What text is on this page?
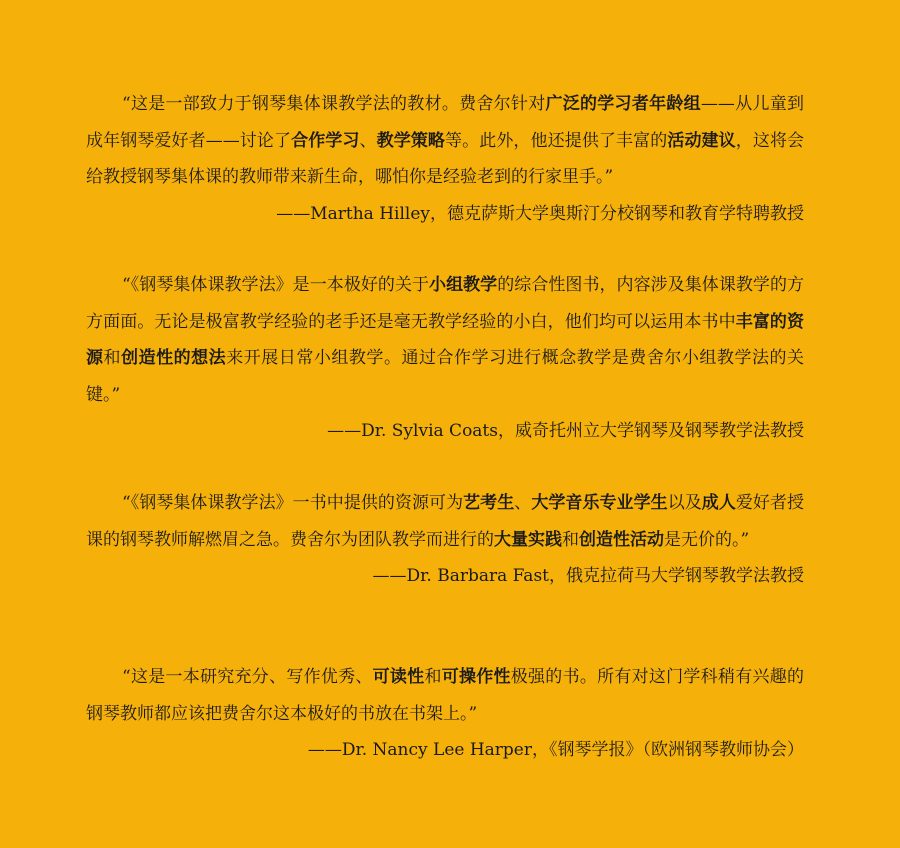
“这是一部致力于钢琴集体课教学法的教材。费舍尔针对广泛的学习者年龄组——从儿童到成年钢琴爱好者——讨论了合作学习、教学策略等。此外，他还提供了丰富的活动建议，这将会给教授钢琴集体课的教师带来新生命，哪怕你是经验老到的行家里手。”

——Martha Hilley，德克萨斯大学奥斯汀分校钢琴和教育学特聘教授

“《钢琴集体课教学法》是一本极好的关于小组教学的综合性图书，内容涉及集体课教学的方方面面。无论是极富教学经验的老手还是毫无教学经验的小白，他们均可以运用本书中丰富的资源和创造性的想法来开展日常小组教学。通过合作学习进行概念教学是费舍尔小组教学法的关键。”

——Dr. Sylvia Coats，威奇托州立大学钢琴及钢琴教学法教授

“《钢琴集体课教学法》一书中提供的资源可为艺考生、大学音乐专业学生以及成人爱好者授课的钢琴教师解燃眉之急。费舍尔为团队教学而进行的大量实践和创造性活动是无价的。”

——Dr. Barbara Fast，俄克拉荷马大学钢琴教学法教授

“这是一本研究充分、写作优秀、可读性和可操作性极强的书。所有对这门学科稍有兴趣的钢琴教师都应该把费舍尔这本极好的书放在书架上。”

——Dr. Nancy Lee Harper，《钢琴学报》（欧洲钢琴教师协会）
